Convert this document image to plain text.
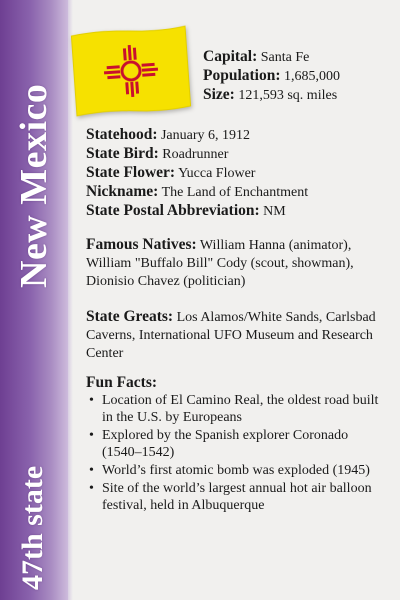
New Mexico
47th state

Capital: Santa Fe

Population: 1,685,000

Size: 121,593 sq. miles

Statehood: January 6, 1912

State Bird: Roadrunner

State Flower: Yucca Flower

Nickname: The Land of Enchantment

State Postal Abbreviation: NM

Famous Natives: William Hanna (animator), William "Buffalo Bill" Cody (scout, showman), Dionisio Chavez (politician)

State Greats: Los Alamos/White Sands, Carlsbad Caverns, International UFO Museum and Research Center

Fun Facts:
• Location of El Camino Real, the oldest road built in the U.S. by Europeans
• Explored by the Spanish explorer Coronado (1540–1542)
• World’s first atomic bomb was exploded (1945)
• Site of the world’s largest annual hot air balloon festival, held in Albuquerque
